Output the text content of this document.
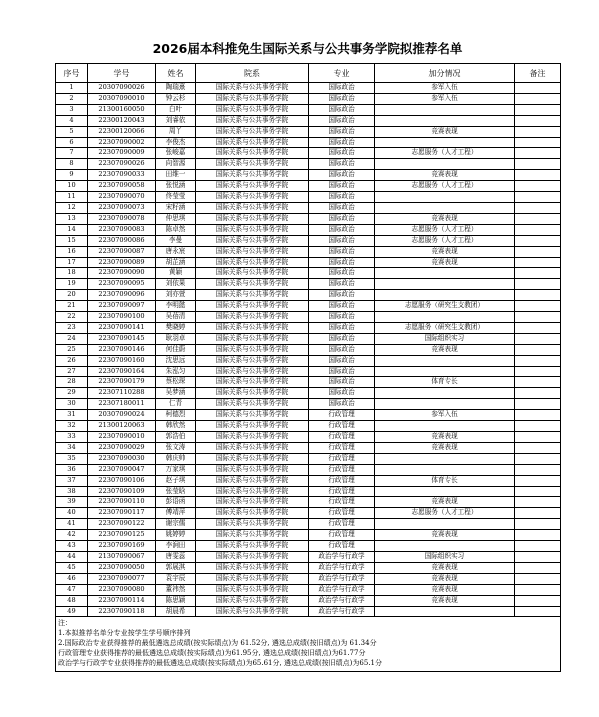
2026届本科推免生国际关系与公共事务学院拟推荐名单
序号	学号	姓名	院系	专业	加分情况	备注
1	20307090026	陶瑞熹	国际关系与公共事务学院	国际政治	参军入伍	
2	20307090010	钟云杉	国际关系与公共事务学院	国际政治	参军入伍	
3	21300160050	白叶	国际关系与公共事务学院	国际政治		
4	22300120043	刘睿依	国际关系与公共事务学院	国际政治		
5	22300120066	周丫	国际关系与公共事务学院	国际政治	竞赛表现	
6	22307090002	李俊杰	国际关系与公共事务学院	国际政治		
7	22307090009	张峻嘉	国际关系与公共事务学院	国际政治	志愿服务（人才工程）	
8	22307090026	向智源	国际关系与公共事务学院	国际政治		
9	22307090033	田维一	国际关系与公共事务学院	国际政治	竞赛表现	
10	22307090058	张悦涵	国际关系与公共事务学院	国际政治	志愿服务（人才工程）	
11	22307090070	佟莹莹	国际关系与公共事务学院	国际政治		
12	22307090073	宋籽涵	国际关系与公共事务学院	国际政治		
13	22307090078	仲思琪	国际关系与公共事务学院	国际政治	竞赛表现	
14	22307090083	陈卓然	国际关系与公共事务学院	国际政治	志愿服务（人才工程）	
15	22307090086	李曼	国际关系与公共事务学院	国际政治	志愿服务（人才工程）	
16	22307090087	唐永宸	国际关系与公共事务学院	国际政治	竞赛表现	
17	22307090089	胡芷涵	国际关系与公共事务学院	国际政治	竞赛表现	
18	22307090090	黄颖	国际关系与公共事务学院	国际政治		
19	22307090095	刘依果	国际关系与公共事务学院	国际政治		
20	22307090096	刘亦萱	国际关系与公共事务学院	国际政治		
21	22307090097	李明懿	国际关系与公共事务学院	国际政治	志愿服务（研究生支教团）	
22	22307090100	吴蓓清	国际关系与公共事务学院	国际政治		
23	22307090141	樊晓婷	国际关系与公共事务学院	国际政治	志愿服务（研究生支教团）	
24	22307090145	耿羽卓	国际关系与公共事务学院	国际政治	国际组织实习	
25	22307090146	何佳蔚	国际关系与公共事务学院	国际政治	竞赛表现	
26	22307090160	沈思远	国际关系与公共事务学院	国际政治		
27	22307090164	朱泓匀	国际关系与公共事务学院	国际政治		
28	22307090179	蔡松琛	国际关系与公共事务学院	国际政治	体育专长	
29	22307110288	吴梦涵	国际关系与公共事务学院	国际政治		
30	22307180011	仁青	国际关系与公共事务学院	国际政治		
31	20307090024	柯德烈	国际关系与公共事务学院	行政管理	参军入伍	
32	21300120063	韩欣然	国际关系与公共事务学院	行政管理		
33	22307090010	郭浩伯	国际关系与公共事务学院	行政管理	竞赛表现	
34	22307090029	张文涛	国际关系与公共事务学院	行政管理	竞赛表现	
35	22307090030	韩庆帅	国际关系与公共事务学院	行政管理		
36	22307090047	万家琪	国际关系与公共事务学院	行政管理		
37	22307090106	赵子琪	国际关系与公共事务学院	行政管理	体育专长	
38	22307090109	张莹晗	国际关系与公共事务学院	行政管理		
39	22307090110	彭语函	国际关系与公共事务学院	行政管理	竞赛表现	
40	22307090117	傅靖萍	国际关系与公共事务学院	行政管理	志愿服务（人才工程）	
41	22307090122	谢宗儒	国际关系与公共事务学院	行政管理		
42	22307090125	姚婷婷	国际关系与公共事务学院	行政管理	竞赛表现	
43	22307090169	李涧田	国际关系与公共事务学院	行政管理		
44	21307090067	唐雯蕊	国际关系与公共事务学院	政治学与行政学	国际组织实习	
45	22307090050	郭展淇	国际关系与公共事务学院	政治学与行政学	竞赛表现	
46	22307090077	袁宇辰	国际关系与公共事务学院	政治学与行政学	竞赛表现	
47	22307090080	董祎然	国际关系与公共事务学院	政治学与行政学	竞赛表现	
48	22307090114	陈思颖	国际关系与公共事务学院	政治学与行政学	竞赛表现	
49	22307090118	胡晨希	国际关系与公共事务学院	政治学与行政学		

注：
1.本拟推荐名单分专业按学生学号顺序排列
2.国际政治专业获得推荐的最低遴选总成绩(按实际绩点)为 61.52分, 遴选总成绩(按旧绩点)为 61.34分
行政管理专业获得推荐的最低遴选总成绩(按实际绩点)为61.95分, 遴选总成绩(按旧绩点)为61.77分
政治学与行政学专业获得推荐的最低遴选总成绩(按实际绩点)为65.61分, 遴选总成绩(按旧绩点)为65.1分						
